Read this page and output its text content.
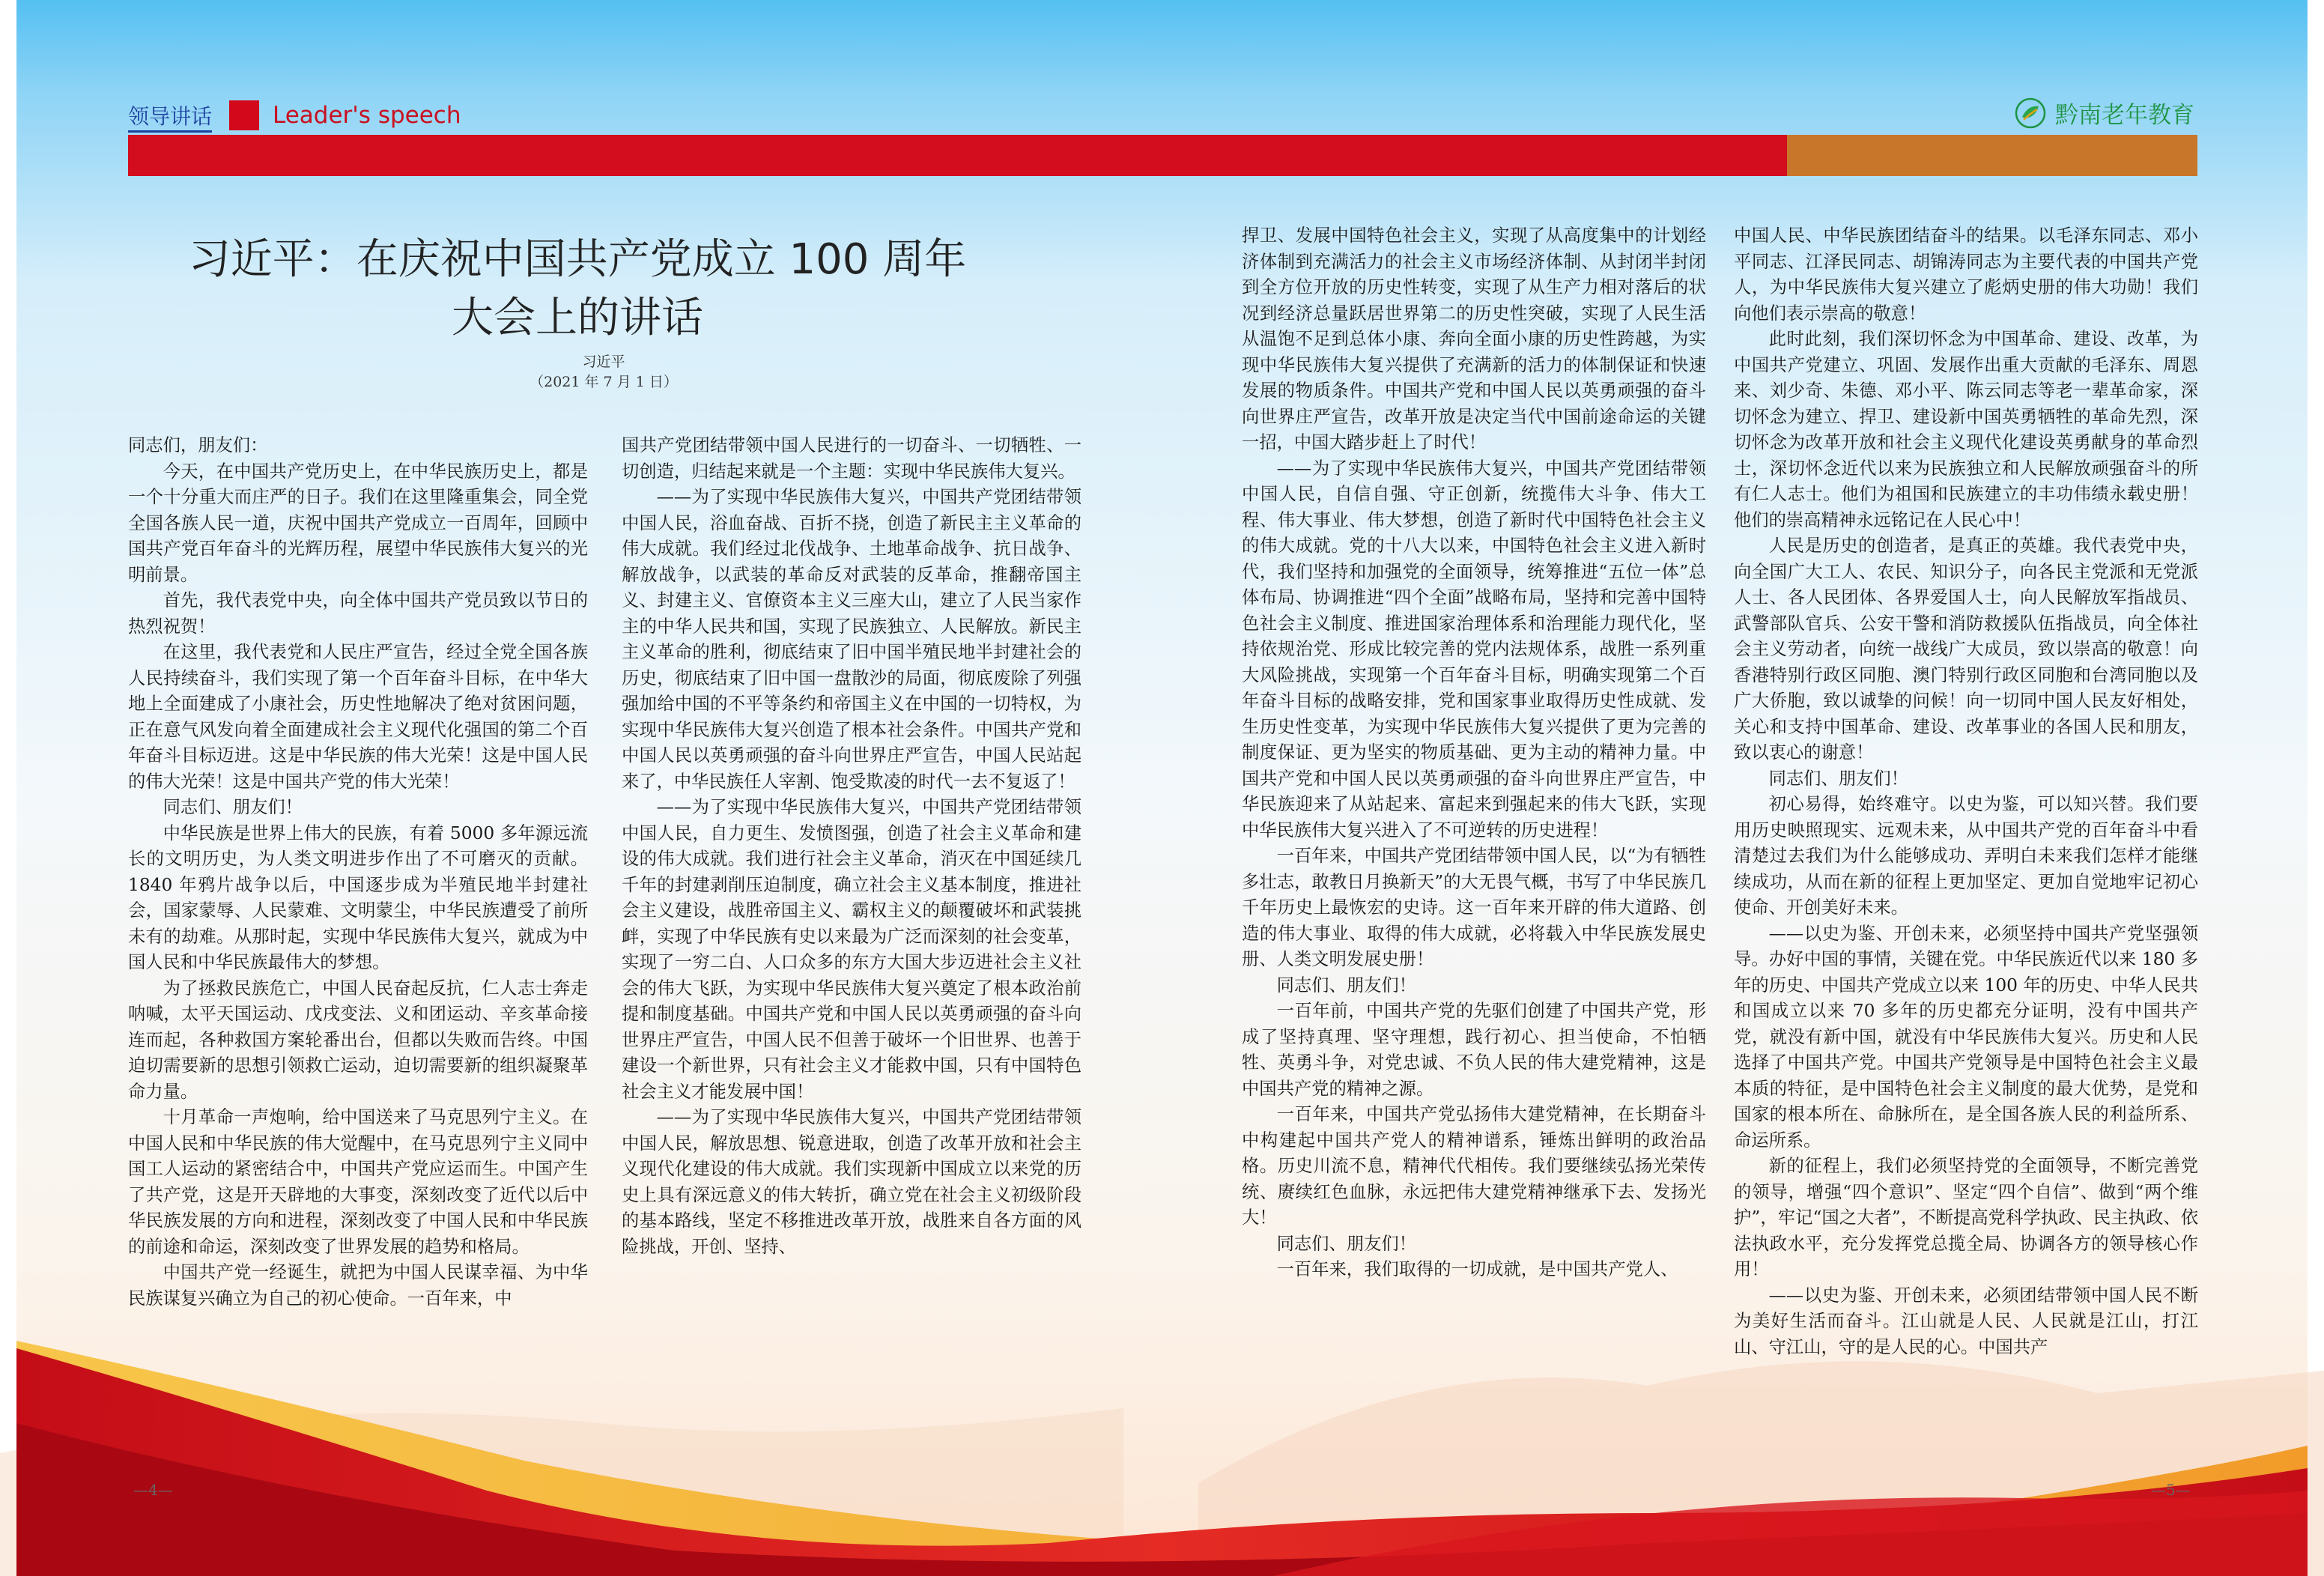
领导讲话	Leader's speech	黔南老年教育
习近平：在庆祝中国共产党成立 100 周年
大会上的讲话
习近平
（2021 年 7 月 1 日）

同志们，朋友们：

今天，在中国共产党历史上，在中华民族历史上，都是一个十分重大而庄严的日子。我们在这里隆重集会，同全党全国各族人民一道，庆祝中国共产党成立一百周年，回顾中国共产党百年奋斗的光辉历程，展望中华民族伟大复兴的光明前景。

首先，我代表党中央，向全体中国共产党员致以节日的热烈祝贺！

在这里，我代表党和人民庄严宣告，经过全党全国各族人民持续奋斗，我们实现了第一个百年奋斗目标，在中华大地上全面建成了小康社会，历史性地解决了绝对贫困问题，正在意气风发向着全面建成社会主义现代化强国的第二个百年奋斗目标迈进。这是中华民族的伟大光荣！这是中国人民的伟大光荣！这是中国共产党的伟大光荣！

同志们、朋友们！

中华民族是世界上伟大的民族，有着 5000 多年源远流长的文明历史，为人类文明进步作出了不可磨灭的贡献。1840 年鸦片战争以后，中国逐步成为半殖民地半封建社会，国家蒙辱、人民蒙难、文明蒙尘，中华民族遭受了前所未有的劫难。从那时起，实现中华民族伟大复兴，就成为中国人民和中华民族最伟大的梦想。

为了拯救民族危亡，中国人民奋起反抗，仁人志士奔走呐喊，太平天国运动、戊戌变法、义和团运动、辛亥革命接连而起，各种救国方案轮番出台，但都以失败而告终。中国迫切需要新的思想引领救亡运动，迫切需要新的组织凝聚革命力量。

十月革命一声炮响，给中国送来了马克思列宁主义。在中国人民和中华民族的伟大觉醒中，在马克思列宁主义同中国工人运动的紧密结合中，中国共产党应运而生。中国产生了共产党，这是开天辟地的大事变，深刻改变了近代以后中华民族发展的方向和进程，深刻改变了中国人民和中华民族的前途和命运，深刻改变了世界发展的趋势和格局。

中国共产党一经诞生，就把为中国人民谋幸福、为中华民族谋复兴确立为自己的初心使命。一百年来，中

国共产党团结带领中国人民进行的一切奋斗、一切牺牲、一切创造，归结起来就是一个主题：实现中华民族伟大复兴。

——为了实现中华民族伟大复兴，中国共产党团结带领中国人民，浴血奋战、百折不挠，创造了新民主主义革命的伟大成就。我们经过北伐战争、土地革命战争、抗日战争、解放战争，以武装的革命反对武装的反革命，推翻帝国主义、封建主义、官僚资本主义三座大山，建立了人民当家作主的中华人民共和国，实现了民族独立、人民解放。新民主主义革命的胜利，彻底结束了旧中国半殖民地半封建社会的历史，彻底结束了旧中国一盘散沙的局面，彻底废除了列强强加给中国的不平等条约和帝国主义在中国的一切特权，为实现中华民族伟大复兴创造了根本社会条件。中国共产党和中国人民以英勇顽强的奋斗向世界庄严宣告，中国人民站起来了，中华民族任人宰割、饱受欺凌的时代一去不复返了！

——为了实现中华民族伟大复兴，中国共产党团结带领中国人民，自力更生、发愤图强，创造了社会主义革命和建设的伟大成就。我们进行社会主义革命，消灭在中国延续几千年的封建剥削压迫制度，确立社会主义基本制度，推进社会主义建设，战胜帝国主义、霸权主义的颠覆破坏和武装挑衅，实现了中华民族有史以来最为广泛而深刻的社会变革，实现了一穷二白、人口众多的东方大国大步迈进社会主义社会的伟大飞跃，为实现中华民族伟大复兴奠定了根本政治前提和制度基础。中国共产党和中国人民以英勇顽强的奋斗向世界庄严宣告，中国人民不但善于破坏一个旧世界、也善于建设一个新世界，只有社会主义才能救中国，只有中国特色社会主义才能发展中国！

——为了实现中华民族伟大复兴，中国共产党团结带领中国人民，解放思想、锐意进取，创造了改革开放和社会主义现代化建设的伟大成就。我们实现新中国成立以来党的历史上具有深远意义的伟大转折，确立党在社会主义初级阶段的基本路线，坚定不移推进改革开放，战胜来自各方面的风险挑战，开创、坚持、

捍卫、发展中国特色社会主义，实现了从高度集中的计划经济体制到充满活力的社会主义市场经济体制、从封闭半封闭到全方位开放的历史性转变，实现了从生产力相对落后的状况到经济总量跃居世界第二的历史性突破，实现了人民生活从温饱不足到总体小康、奔向全面小康的历史性跨越，为实现中华民族伟大复兴提供了充满新的活力的体制保证和快速发展的物质条件。中国共产党和中国人民以英勇顽强的奋斗向世界庄严宣告，改革开放是决定当代中国前途命运的关键一招，中国大踏步赶上了时代！

——为了实现中华民族伟大复兴，中国共产党团结带领中国人民，自信自强、守正创新，统揽伟大斗争、伟大工程、伟大事业、伟大梦想，创造了新时代中国特色社会主义的伟大成就。党的十八大以来，中国特色社会主义进入新时代，我们坚持和加强党的全面领导，统筹推进“五位一体”总体布局、协调推进“四个全面”战略布局，坚持和完善中国特色社会主义制度、推进国家治理体系和治理能力现代化，坚持依规治党、形成比较完善的党内法规体系，战胜一系列重大风险挑战，实现第一个百年奋斗目标，明确实现第二个百年奋斗目标的战略安排，党和国家事业取得历史性成就、发生历史性变革，为实现中华民族伟大复兴提供了更为完善的制度保证、更为坚实的物质基础、更为主动的精神力量。中国共产党和中国人民以英勇顽强的奋斗向世界庄严宣告，中华民族迎来了从站起来、富起来到强起来的伟大飞跃，实现中华民族伟大复兴进入了不可逆转的历史进程！

一百年来，中国共产党团结带领中国人民，以“为有牺牲多壮志，敢教日月换新天”的大无畏气概，书写了中华民族几千年历史上最恢宏的史诗。这一百年来开辟的伟大道路、创造的伟大事业、取得的伟大成就，必将载入中华民族发展史册、人类文明发展史册！

同志们、朋友们！

一百年前，中国共产党的先驱们创建了中国共产党，形成了坚持真理、坚守理想，践行初心、担当使命，不怕牺牲、英勇斗争，对党忠诚、不负人民的伟大建党精神，这是中国共产党的精神之源。

一百年来，中国共产党弘扬伟大建党精神，在长期奋斗中构建起中国共产党人的精神谱系，锤炼出鲜明的政治品格。历史川流不息，精神代代相传。我们要继续弘扬光荣传统、赓续红色血脉，永远把伟大建党精神继承下去、发扬光大！

同志们、朋友们！

一百年来，我们取得的一切成就，是中国共产党人、

中国人民、中华民族团结奋斗的结果。以毛泽东同志、邓小平同志、江泽民同志、胡锦涛同志为主要代表的中国共产党人，为中华民族伟大复兴建立了彪炳史册的伟大功勋！我们向他们表示崇高的敬意！

此时此刻，我们深切怀念为中国革命、建设、改革，为中国共产党建立、巩固、发展作出重大贡献的毛泽东、周恩来、刘少奇、朱德、邓小平、陈云同志等老一辈革命家，深切怀念为建立、捍卫、建设新中国英勇牺牲的革命先烈，深切怀念为改革开放和社会主义现代化建设英勇献身的革命烈士，深切怀念近代以来为民族独立和人民解放顽强奋斗的所有仁人志士。他们为祖国和民族建立的丰功伟绩永载史册！他们的崇高精神永远铭记在人民心中！

人民是历史的创造者，是真正的英雄。我代表党中央，向全国广大工人、农民、知识分子，向各民主党派和无党派人士、各人民团体、各界爱国人士，向人民解放军指战员、武警部队官兵、公安干警和消防救援队伍指战员，向全体社会主义劳动者，向统一战线广大成员，致以崇高的敬意！向香港特别行政区同胞、澳门特别行政区同胞和台湾同胞以及广大侨胞，致以诚挚的问候！向一切同中国人民友好相处，关心和支持中国革命、建设、改革事业的各国人民和朋友，致以衷心的谢意！

同志们、朋友们！

初心易得，始终难守。以史为鉴，可以知兴替。我们要用历史映照现实、远观未来，从中国共产党的百年奋斗中看清楚过去我们为什么能够成功、弄明白未来我们怎样才能继续成功，从而在新的征程上更加坚定、更加自觉地牢记初心使命、开创美好未来。

——以史为鉴、开创未来，必须坚持中国共产党坚强领导。办好中国的事情，关键在党。中华民族近代以来 180 多年的历史、中国共产党成立以来 100 年的历史、中华人民共和国成立以来 70 多年的历史都充分证明，没有中国共产党，就没有新中国，就没有中华民族伟大复兴。历史和人民选择了中国共产党。中国共产党领导是中国特色社会主义最本质的特征，是中国特色社会主义制度的最大优势，是党和国家的根本所在、命脉所在，是全国各族人民的利益所系、命运所系。

新的征程上，我们必须坚持党的全面领导，不断完善党的领导，增强“四个意识”、坚定“四个自信”、做到“两个维护”，牢记“国之大者”，不断提高党科学执政、民主执政、依法执政水平，充分发挥党总揽全局、协调各方的领导核心作用！

——以史为鉴、开创未来，必须团结带领中国人民不断为美好生活而奋斗。江山就是人民、人民就是江山，打江山、守江山，守的是人民的心。中国共产

—4—	—5—
